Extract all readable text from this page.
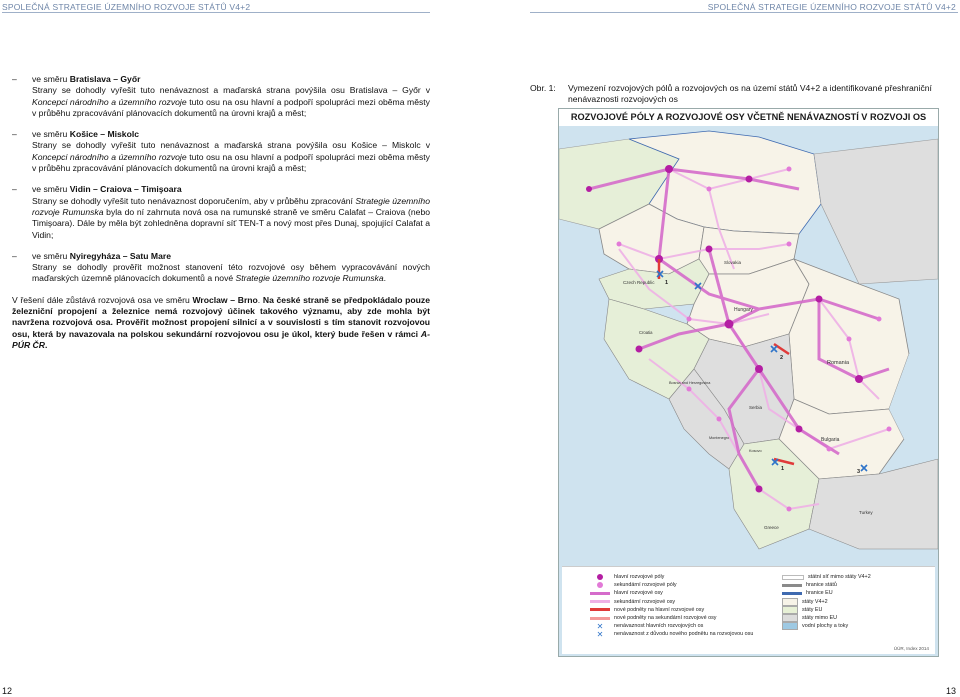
SPOLEČNÁ STRATEGIE ÚZEMNÍHO ROZVOJE STÁTŮ V4+2	SPOLEČNÁ STRATEGIE ÚZEMNÍHO ROZVOJE STÁTŮ V4+2
– ve směru Bratislava – Győr
Strany se dohodly vyřešit tuto nenávaznost a maďarská strana povýšila osu Bratislava – Győr v Koncepci národního a územního rozvoje tuto osu na osu hlavní a podpoří spolupráci mezi oběma městy v průběhu zpracovávání plánovacích dokumentů na úrovni krajů a měst;
– ve směru Košice – Miskolc
Strany se dohodly vyřešit tuto nenávaznost a maďarská strana povýšila osu Košice – Miskolc v Koncepci národního a územního rozvoje tuto osu na osu hlavní a podpoří spolupráci mezi oběma městy v průběhu zpracovávání plánovacích dokumentů na úrovni krajů a měst;
– ve směru Vidin – Craiova – Timişoara
Strany se dohodly vyřešit tuto nenávaznost doporučením, aby v průběhu zpracování Strategie územního rozvoje Rumunska byla do ní zahrnuta nová osa na rumunské straně ve směru Calafat – Craiova (nebo Timişoara). Dále by měla být zohledněna dopravní síť TEN-T a nový most přes Dunaj, spojující Calafat a Vidin;
– ve směru Nyiregyháza – Satu Mare
Strany se dohodly prověřit možnost stanovení této rozvojové osy během vypracovávání nových maďarských územně plánovacích dokumentů a nové Strategie územního rozvoje Rumunska.
V řešení dále zůstává rozvojová osa ve směru Wroclaw – Brno. Na české straně se předpokládalo pouze železniční propojení a železnice nemá rozvojový účinek takového významu, aby zde mohla být navržena rozvojová osa. Prověřit možnost propojení silnicí a v souvislosti s tím stanovit rozvojovou osu, která by navazovala na polskou sekundární rozvojovou osu je úkol, který bude řešen v rámci A-PÚR ČR.
Obr. 1:	Vymezení rozvojových pólů a rozvojových os na území států V4+2 a identifikované přeshraniční nenávaznosti rozvojových os
ROZVOJOVÉ PÓLY A ROZVOJOVÉ OSY VČETNĚ NENÁVAZNOSTÍ V ROZVOJI OS
Czech Republic
Slovakia
Hungary
Romania
Serbia
Bulgaria
Bosnia and Herzegovina
Croatia
Montenegro
Kosovo
Turkey
Greece
1
2
1	3
hlavní rozvojové póly
sekundární rozvojové póly
hlavní rozvojové osy
sekundární rozvojové osy
nové podněty na hlavní rozvojové osy
nové podněty na sekundární rozvojové osy
✕	nenávaznost hlavních rozvojových os
✕	nenávaznost z důvodu nového podnětu na rozvojovou osu
státní síť mimo státy V4+2
hranice států
hranice EU
státy V4+2
státy EU
státy mimo EU
vodní plochy a toky
ÚÚR, Index 2014
12	13
